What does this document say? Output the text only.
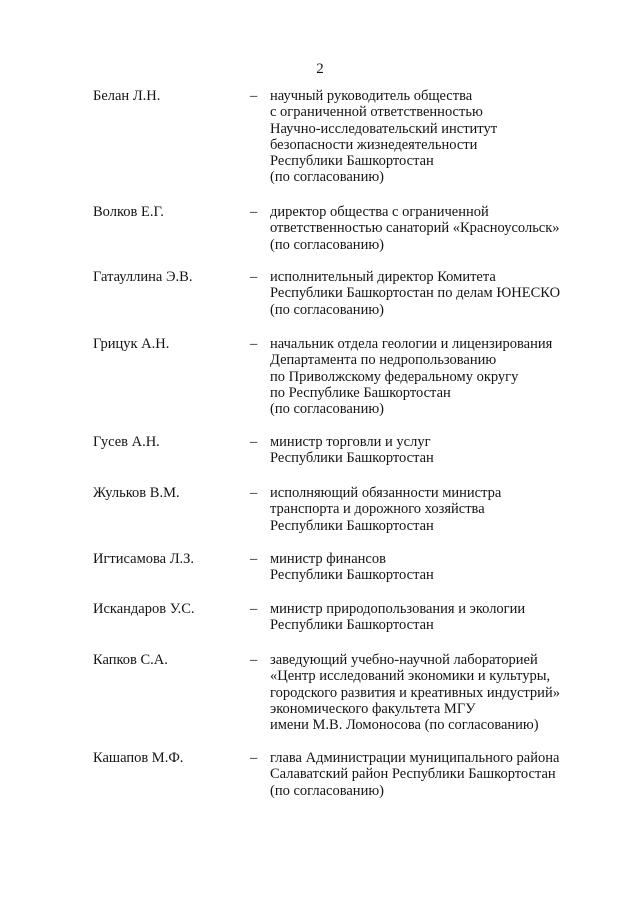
2
Белан Л.Н.	– научный руководитель общества
с ограниченной ответственностью
Научно-исследовательский институт
безопасности жизнедеятельности
Республики Башкортостан
(по согласованию)
Волков Е.Г.	– директор общества с ограниченной
ответственностью санаторий «Красноусольск»
(по согласованию)
Гатауллина Э.В.	– исполнительный директор Комитета
Республики Башкортостан по делам ЮНЕСКО
(по согласованию)
Грицук А.Н.	– начальник отдела геологии и лицензирования
Департамента по недропользованию
по Приволжскому федеральному округу
по Республике Башкортостан
(по согласованию)
Гусев А.Н.	– министр торговли и услуг
Республики Башкортостан
Жульков В.М.	– исполняющий обязанности министра
транспорта и дорожного хозяйства
Республики Башкортостан
Игтисамова Л.З.	– министр финансов
Республики Башкортостан
Искандаров У.С.	– министр природопользования и экологии
Республики Башкортостан
Капков С.А.	– заведующий учебно-научной лабораторией
«Центр исследований экономики и культуры,
городского развития и креативных индустрий»
экономического факультета МГУ
имени М.В. Ломоносова (по согласованию)
Кашапов М.Ф.	– глава Администрации муниципального района
Салаватский район Республики Башкортостан
(по согласованию)
